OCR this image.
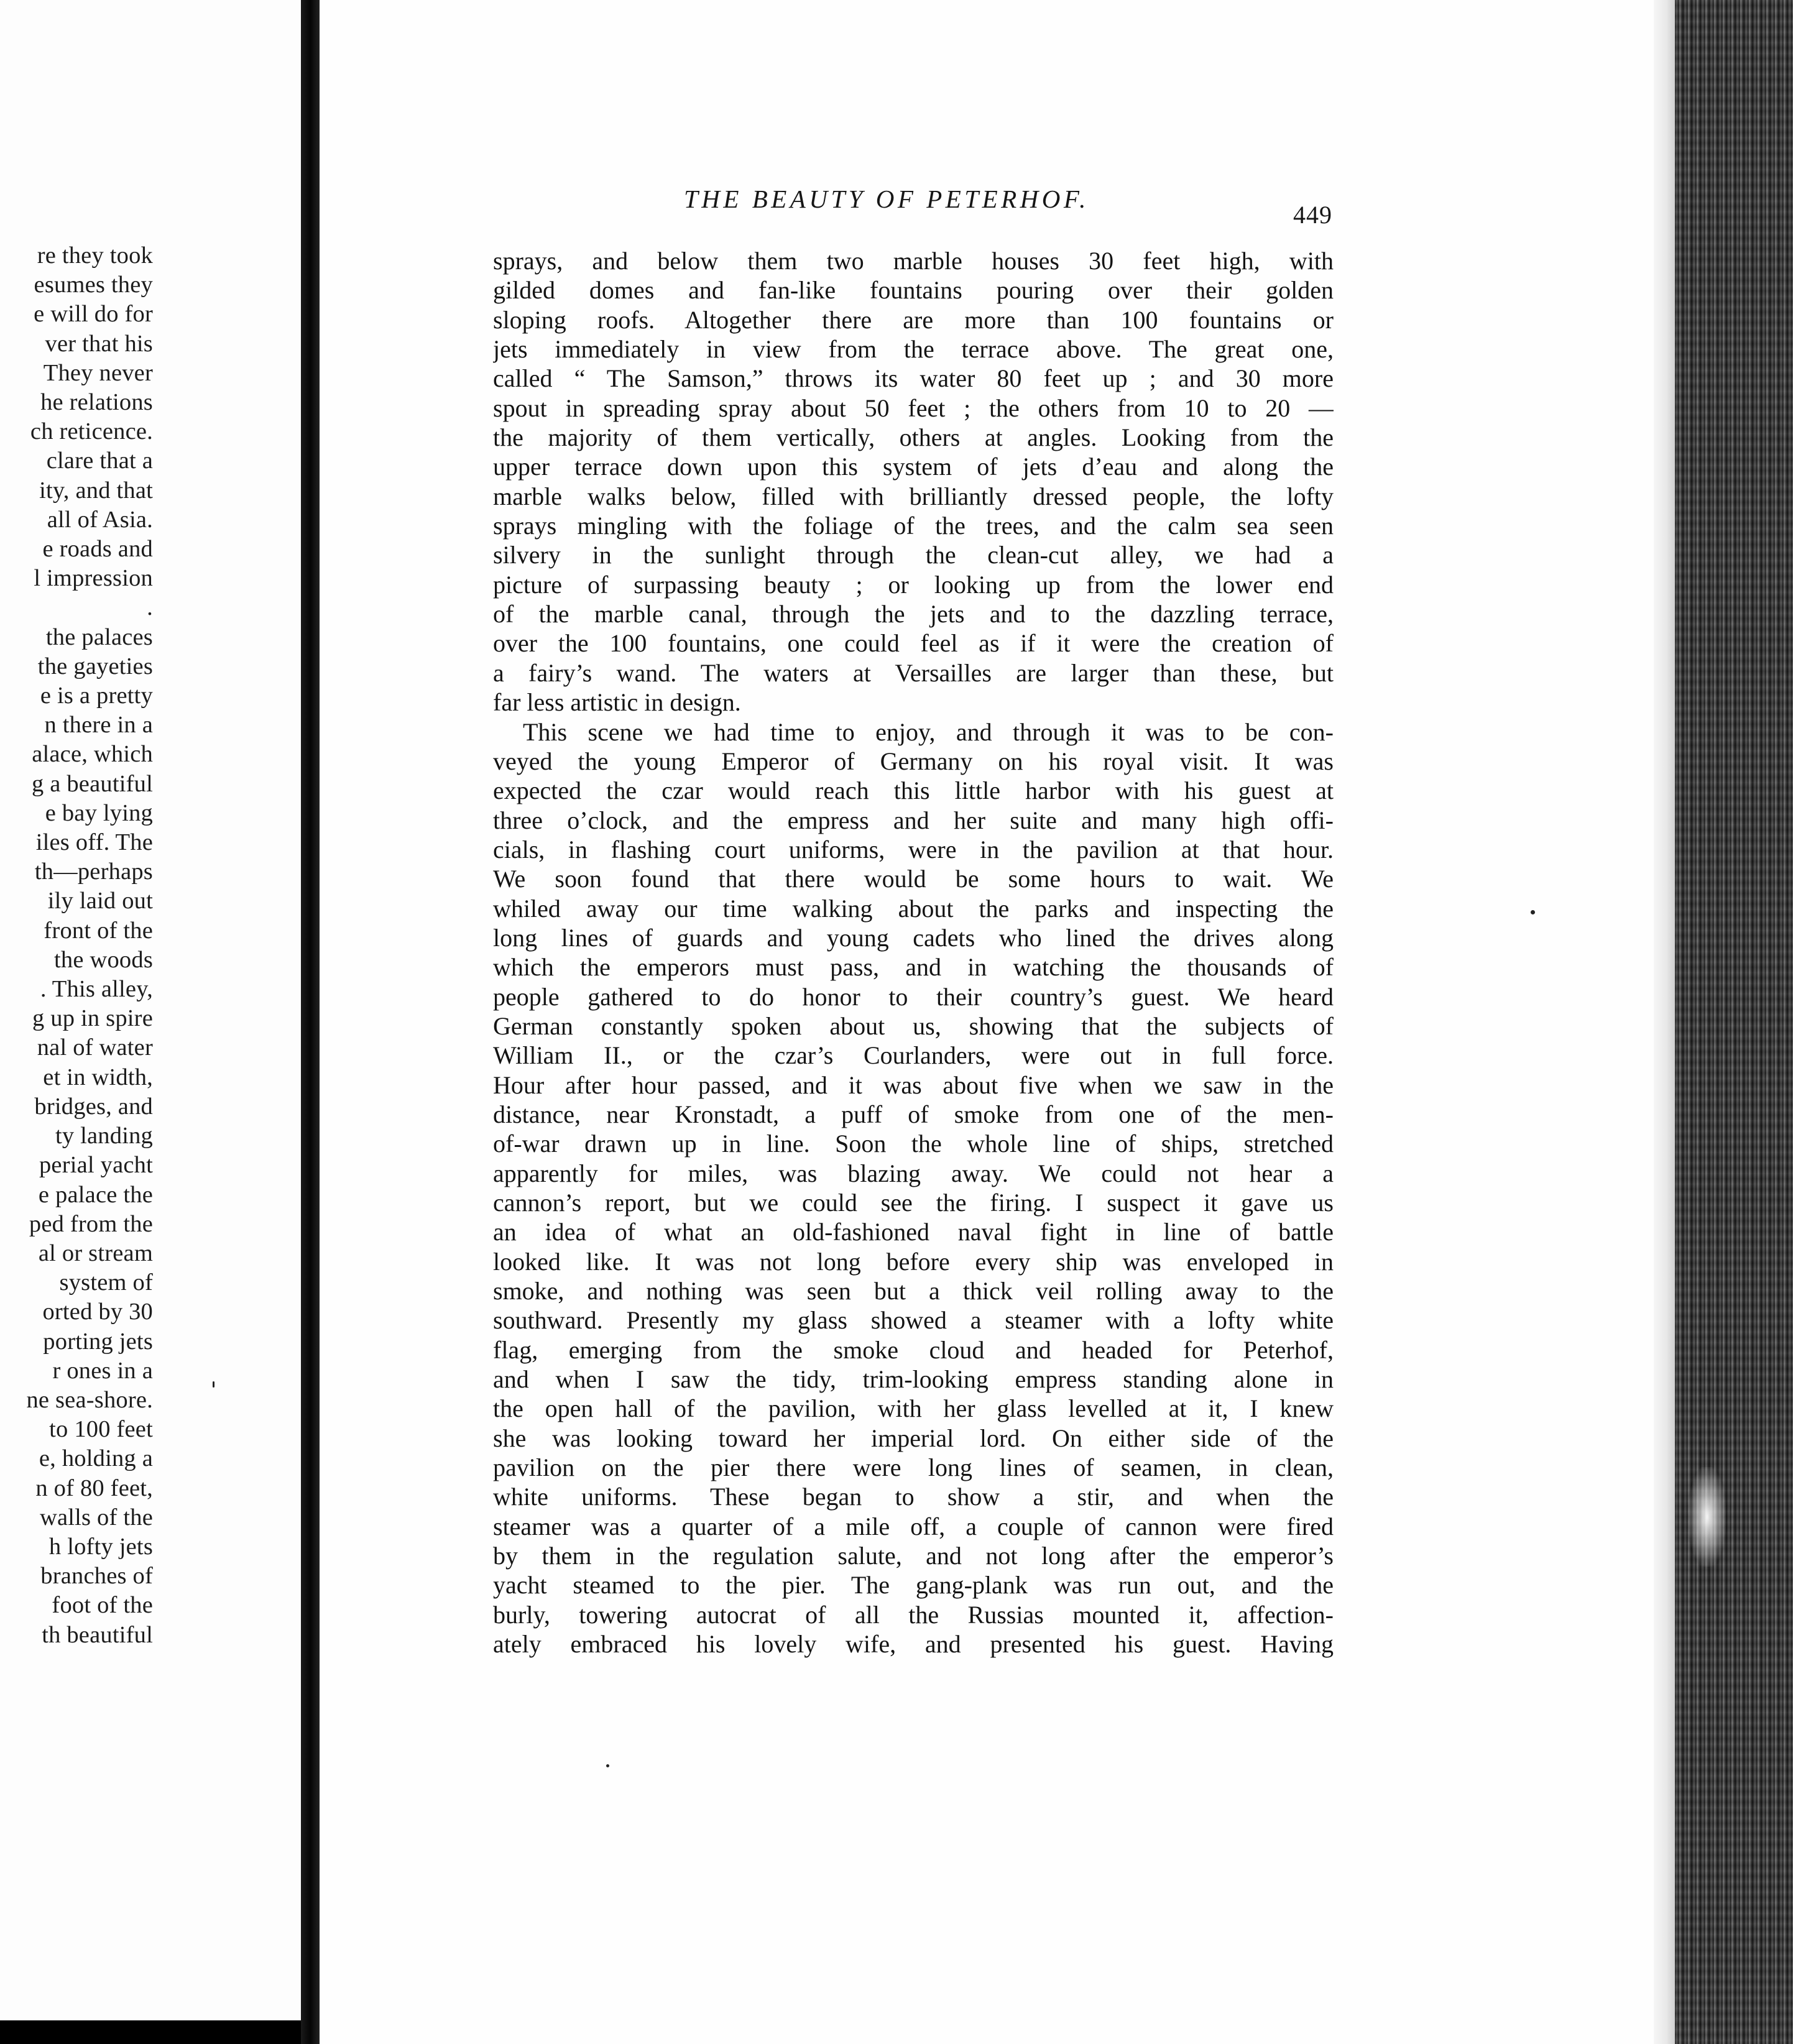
re they took
esumes they
e will do for
ver that his
They never
he relations
ch reticence.
clare that a
ity, and that
all of Asia.
e roads and
l impression
.
the palaces
the gayeties
e is a pretty
n there in a
alace, which
g a beautiful
e bay lying
iles off. The
th—perhaps
ily laid out
front of the
the woods
. This alley,
g up in spire
nal of water
et in width,
bridges, and
ty landing
perial yacht
e palace the
ped from the
al or stream
system of
orted by 30
porting jets
r ones in a
ne sea-shore.
to 100 feet
e, holding a
n of 80 feet,
walls of the
h lofty jets
branches of
foot of the
th beautiful
THE BEAUTY OF PETERHOF.
449
sprays, and below them two marble houses 30 feet high, with
gilded domes and fan-like fountains pouring over their golden
sloping roofs. Altogether there are more than 100 fountains or
jets immediately in view from the terrace above. The great one,
called “ The Samson,” throws its water 80 feet up ; and 30 more
spout in spreading spray about 50 feet ; the others from 10 to 20 —
the majority of them vertically, others at angles. Looking from the
upper terrace down upon this system of jets d’eau and along the
marble walks below, filled with brilliantly dressed people, the lofty
sprays mingling with the foliage of the trees, and the calm sea seen
silvery in the sunlight through the clean-cut alley, we had a
picture of surpassing beauty ; or looking up from the lower end
of the marble canal, through the jets and to the dazzling terrace,
over the 100 fountains, one could feel as if it were the creation of
a fairy’s wand. The waters at Versailles are larger than these, but
far less artistic in design.
This scene we had time to enjoy, and through it was to be con-
veyed the young Emperor of Germany on his royal visit. It was
expected the czar would reach this little harbor with his guest at
three o’clock, and the empress and her suite and many high offi-
cials, in flashing court uniforms, were in the pavilion at that hour.
We soon found that there would be some hours to wait. We
whiled away our time walking about the parks and inspecting the
long lines of guards and young cadets who lined the drives along
which the emperors must pass, and in watching the thousands of
people gathered to do honor to their country’s guest. We heard
German constantly spoken about us, showing that the subjects of
William II., or the czar’s Courlanders, were out in full force.
Hour after hour passed, and it was about five when we saw in the
distance, near Kronstadt, a puff of smoke from one of the men-
of-war drawn up in line. Soon the whole line of ships, stretched
apparently for miles, was blazing away. We could not hear a
cannon’s report, but we could see the firing. I suspect it gave us
an idea of what an old-fashioned naval fight in line of battle
looked like. It was not long before every ship was enveloped in
smoke, and nothing was seen but a thick veil rolling away to the
southward. Presently my glass showed a steamer with a lofty white
flag, emerging from the smoke cloud and headed for Peterhof,
and when I saw the tidy, trim-looking empress standing alone in
the open hall of the pavilion, with her glass levelled at it, I knew
she was looking toward her imperial lord. On either side of the
pavilion on the pier there were long lines of seamen, in clean,
white uniforms. These began to show a stir, and when the
steamer was a quarter of a mile off, a couple of cannon were fired
by them in the regulation salute, and not long after the emperor’s
yacht steamed to the pier. The gang-plank was run out, and the
burly, towering autocrat of all the Russias mounted it, affection-
ately embraced his lovely wife, and presented his guest. Having
